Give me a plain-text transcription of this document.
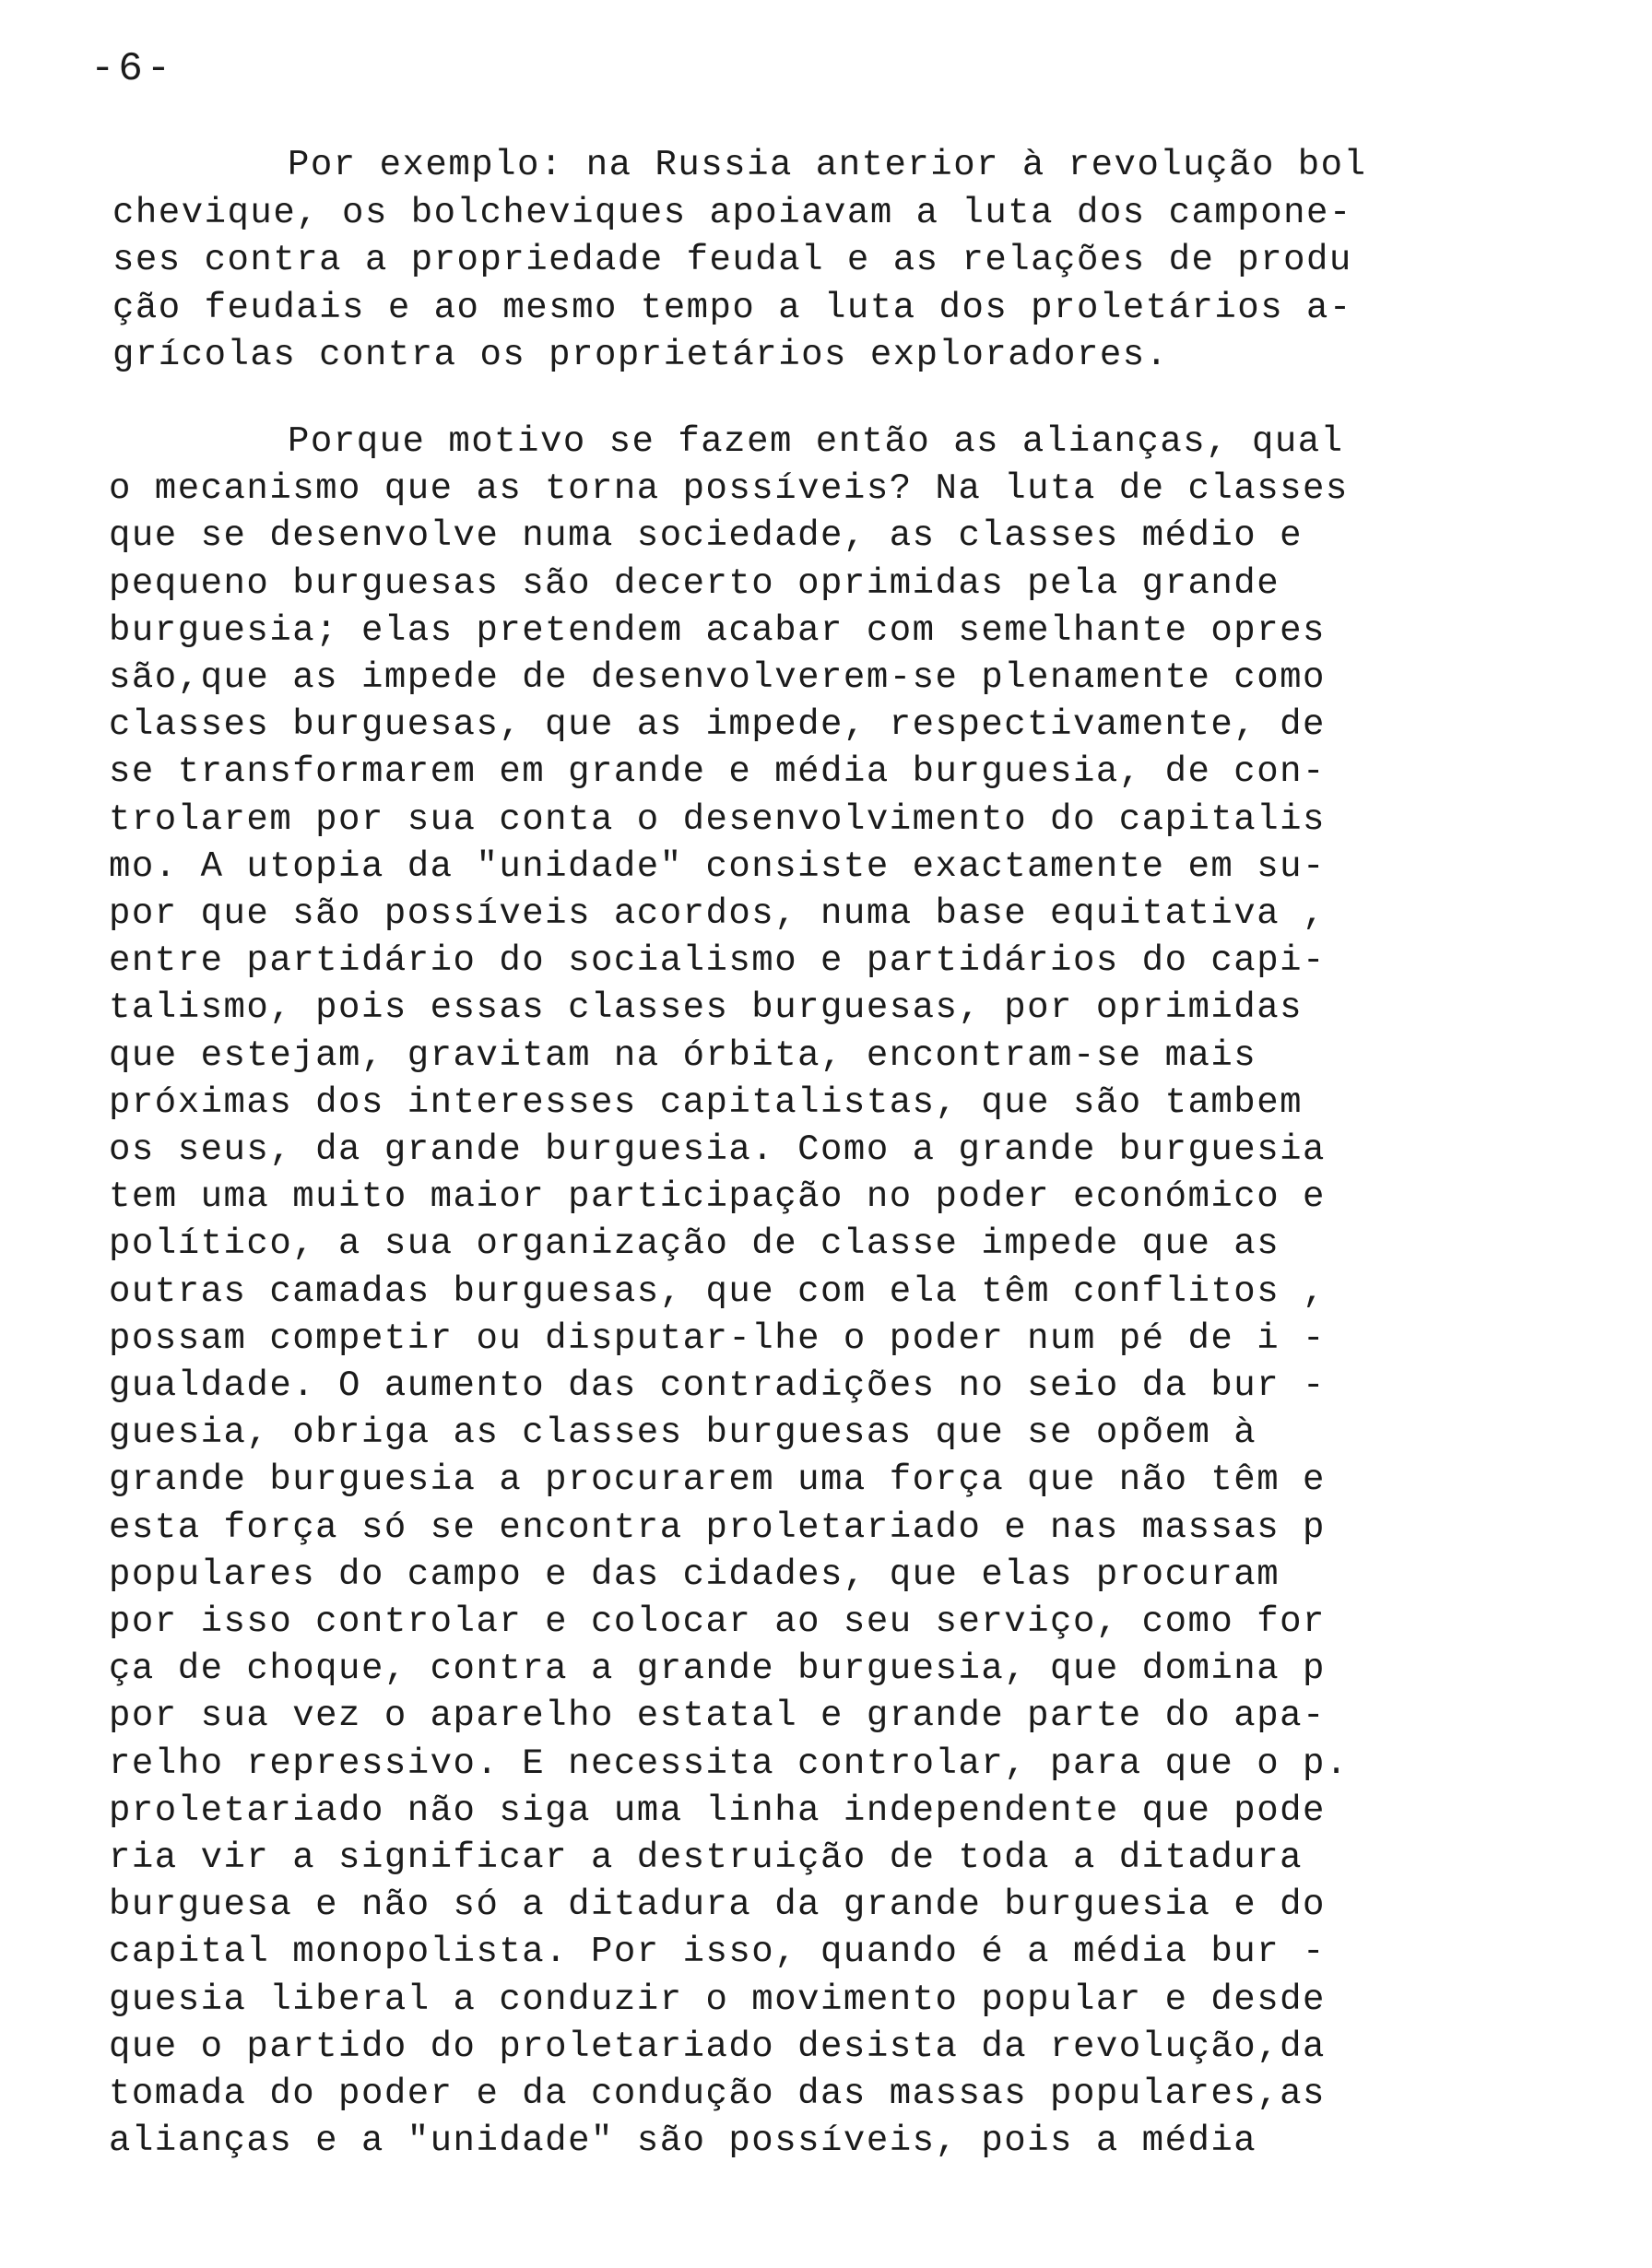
-6-
Por exemplo: na Russia anterior à revolução bol
chevique, os bolcheviques apoiavam a luta dos campone-
ses contra a propriedade feudal e as relações de produ
ção feudais e ao mesmo tempo a luta dos proletários a-
grícolas contra os proprietários exploradores.
Porque motivo se fazem então as alianças, qual
o mecanismo que as torna possíveis? Na luta de classes
que se desenvolve numa sociedade, as classes médio e
pequeno burguesas são decerto oprimidas pela grande
burguesia; elas pretendem acabar com semelhante opres
são,que as impede de desenvolverem-se plenamente como
classes burguesas, que as impede, respectivamente, de
se transformarem em grande e média burguesia, de con-
trolarem por sua conta o desenvolvimento do capitalis
mo. A utopia da "unidade" consiste exactamente em su-
por que são possíveis acordos, numa base equitativa ,
entre partidário do socialismo e partidários do capi-
talismo, pois essas classes burguesas, por oprimidas
que estejam, gravitam na órbita, encontram-se mais
próximas dos interesses capitalistas, que são tambem
os seus, da grande burguesia. Como a grande burguesia
tem uma muito maior participação no poder económico e
político, a sua organização de classe impede que as
outras camadas burguesas, que com ela têm conflitos ,
possam competir ou disputar-lhe o poder num pé de i -
gualdade. O aumento das contradições no seio da bur -
guesia, obriga as classes burguesas que se opõem à
grande burguesia a procurarem uma força que não têm e
esta força só se encontra proletariado e nas massas p
populares do campo e das cidades, que elas procuram
por isso controlar e colocar ao seu serviço, como for
ça de choque, contra a grande burguesia, que domina p
por sua vez o aparelho estatal e grande parte do apa-
relho repressivo. E necessita controlar, para que o p.
proletariado não siga uma linha independente que pode
ria vir a significar a destruição de toda a ditadura
burguesa e não só a ditadura da grande burguesia e do
capital monopolista. Por isso, quando é a média bur -
guesia liberal a conduzir o movimento popular e desde
que o partido do proletariado desista da revolução,da
tomada do poder e da condução das massas populares,as
alianças e a "unidade" são possíveis, pois a média
